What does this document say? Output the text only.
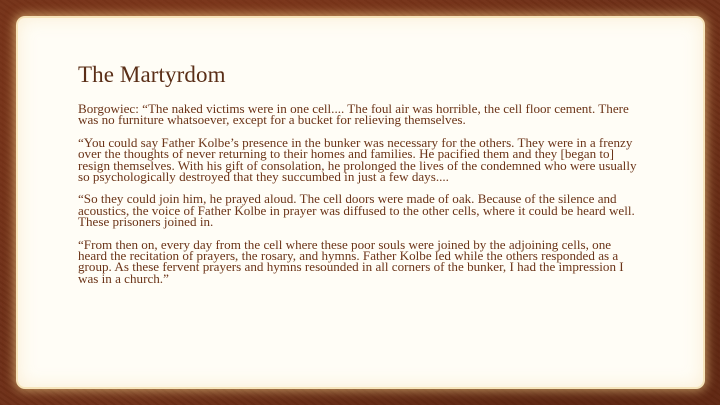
The Martyrdom

Borgowiec: “The naked victims were in one cell.... The foul air was horrible, the cell floor cement. There was no furniture whatsoever, except for a bucket for relieving themselves.

“You could say Father Kolbe’s presence in the bunker was necessary for the others. They were in a frenzy over the thoughts of never returning to their homes and families. He pacified them and they [began to] resign themselves. With his gift of consolation, he prolonged the lives of the condemned who were usually so psychologically destroyed that they succumbed in just a few days....

“So they could join him, he prayed aloud. The cell doors were made of oak. Because of the silence and acoustics, the voice of Father Kolbe in prayer was diffused to the other cells, where it could be heard well. These prisoners joined in.

“From then on, every day from the cell where these poor souls were joined by the adjoining cells, one heard the recitation of prayers, the rosary, and hymns. Father Kolbe led while the others responded as a group. As these fervent prayers and hymns resounded in all corners of the bunker, I had the impression I was in a church.”
